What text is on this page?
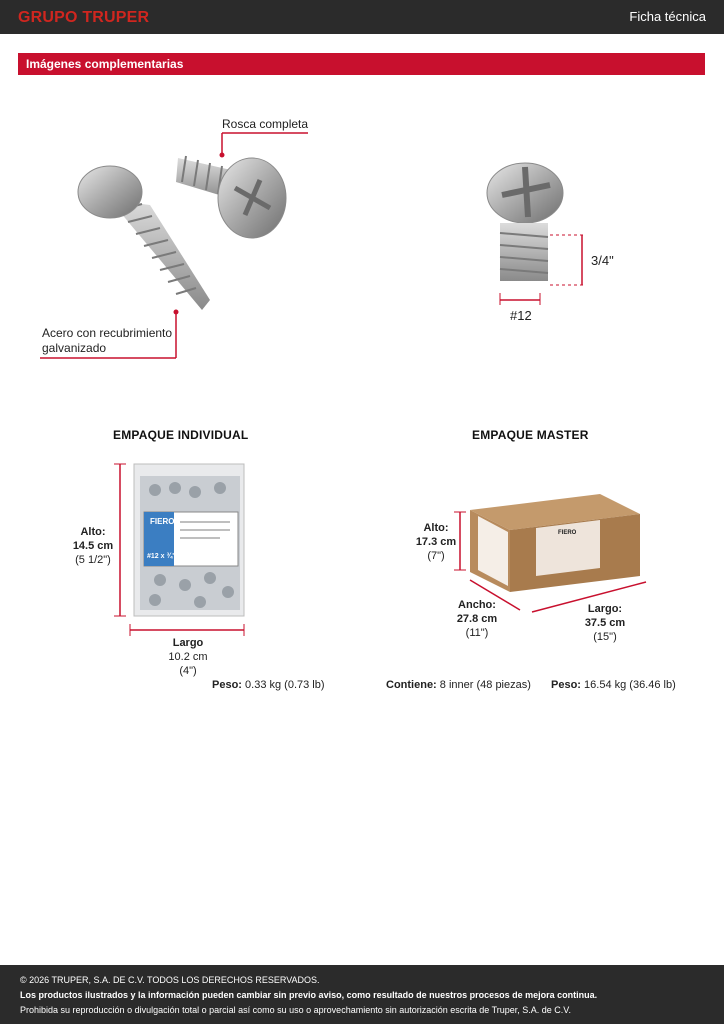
GRUPO TRUPER	Ficha técnica
Imágenes complementarias
Rosca completa
Acero con recubrimiento
galvanizado
3/4"
#12
EMPAQUE INDIVIDUAL
FIERO
#12 x ¾"
Alto:
14.5 cm
(5 1/2")
Largo
10.2 cm
(4")
Peso: 0.33 kg (0.73 lb)
EMPAQUE MASTER
FIERO
Alto:
17.3 cm
(7")
Ancho:
27.8 cm
(11")
Largo:
37.5 cm
(15")
Contiene: 8 inner (48 piezas) Peso: 16.54 kg (36.46 lb)
© 2026 TRUPER, S.A. DE C.V. TODOS LOS DERECHOS RESERVADOS.
Los productos ilustrados y la información pueden cambiar sin previo aviso, como resultado de nuestros procesos de mejora continua.
Prohibida su reproducción o divulgación total o parcial así como su uso o aprovechamiento sin autorización escrita de Truper, S.A. de C.V.
